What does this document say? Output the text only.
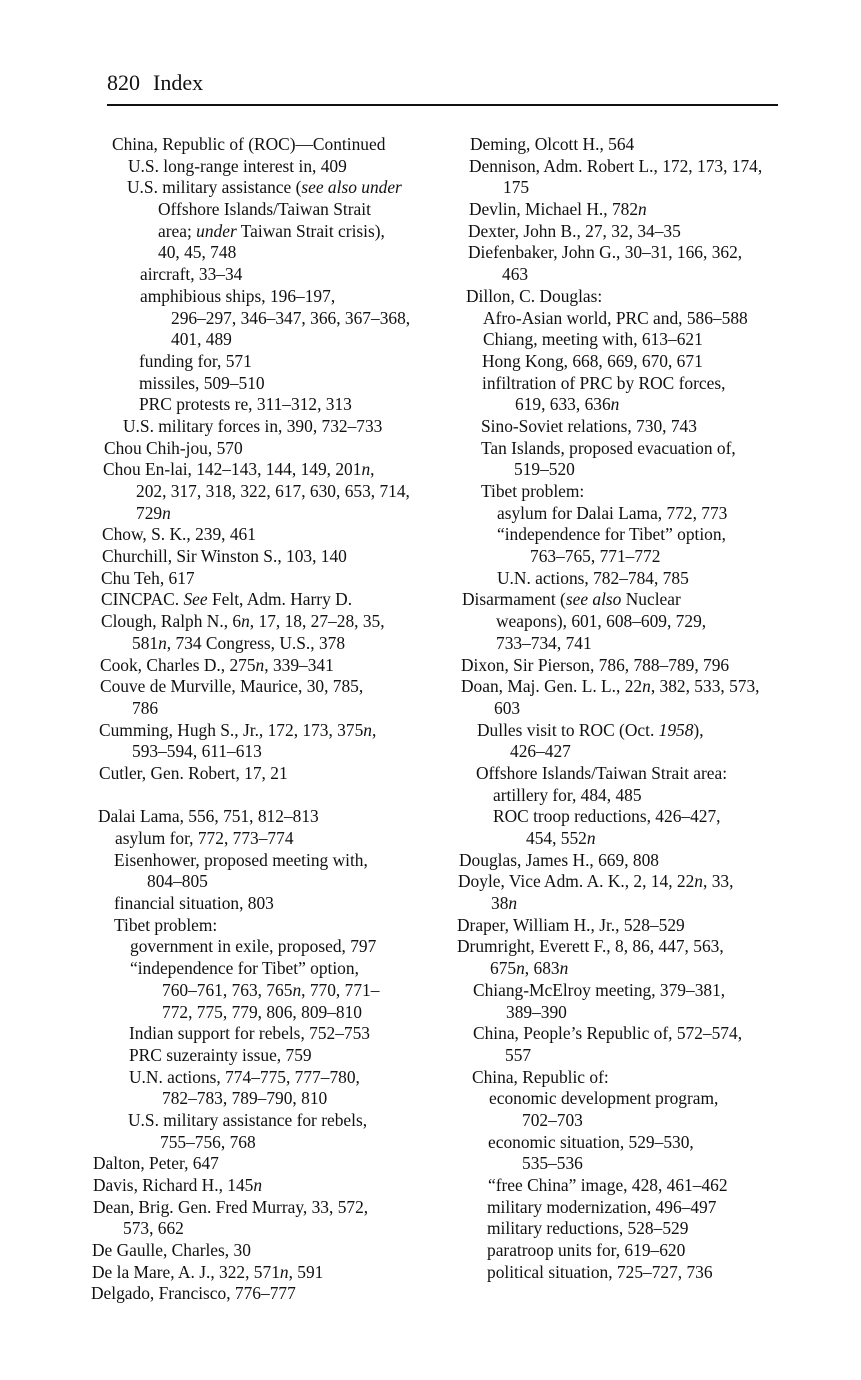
820 Index
China, Republic of (ROC)—Continued
U.S. long-range interest in, 409
U.S. military assistance (see also under
Offshore Islands/Taiwan Strait
area; under Taiwan Strait crisis),
40, 45, 748
aircraft, 33–34
amphibious ships, 196–197,
296–297, 346–347, 366, 367–368,
401, 489
funding for, 571
missiles, 509–510
PRC protests re, 311–312, 313
U.S. military forces in, 390, 732–733
Chou Chih-jou, 570
Chou En-lai, 142–143, 144, 149, 201n,
202, 317, 318, 322, 617, 630, 653, 714,
729n
Chow, S. K., 239, 461
Churchill, Sir Winston S., 103, 140
Chu Teh, 617
CINCPAC. See Felt, Adm. Harry D.
Clough, Ralph N., 6n, 17, 18, 27–28, 35,
581n, 734 Congress, U.S., 378
Cook, Charles D., 275n, 339–341
Couve de Murville, Maurice, 30, 785,
786
Cumming, Hugh S., Jr., 172, 173, 375n,
593–594, 611–613
Cutler, Gen. Robert, 17, 21
Dalai Lama, 556, 751, 812–813
asylum for, 772, 773–774
Eisenhower, proposed meeting with,
804–805
financial situation, 803
Tibet problem:
government in exile, proposed, 797
“independence for Tibet” option,
760–761, 763, 765n, 770, 771–
772, 775, 779, 806, 809–810
Indian support for rebels, 752–753
PRC suzerainty issue, 759
U.N. actions, 774–775, 777–780,
782–783, 789–790, 810
U.S. military assistance for rebels,
755–756, 768
Dalton, Peter, 647
Davis, Richard H., 145n
Dean, Brig. Gen. Fred Murray, 33, 572,
573, 662
De Gaulle, Charles, 30
De la Mare, A. J., 322, 571n, 591
Delgado, Francisco, 776–777
Deming, Olcott H., 564
Dennison, Adm. Robert L., 172, 173, 174,
175
Devlin, Michael H., 782n
Dexter, John B., 27, 32, 34–35
Diefenbaker, John G., 30–31, 166, 362,
463
Dillon, C. Douglas:
Afro-Asian world, PRC and, 586–588
Chiang, meeting with, 613–621
Hong Kong, 668, 669, 670, 671
infiltration of PRC by ROC forces,
619, 633, 636n
Sino-Soviet relations, 730, 743
Tan Islands, proposed evacuation of,
519–520
Tibet problem:
asylum for Dalai Lama, 772, 773
“independence for Tibet” option,
763–765, 771–772
U.N. actions, 782–784, 785
Disarmament (see also Nuclear
weapons), 601, 608–609, 729,
733–734, 741
Dixon, Sir Pierson, 786, 788–789, 796
Doan, Maj. Gen. L. L., 22n, 382, 533, 573,
603
Dulles visit to ROC (Oct. 1958),
426–427
Offshore Islands/Taiwan Strait area:
artillery for, 484, 485
ROC troop reductions, 426–427,
454, 552n
Douglas, James H., 669, 808
Doyle, Vice Adm. A. K., 2, 14, 22n, 33,
38n
Draper, William H., Jr., 528–529
Drumright, Everett F., 8, 86, 447, 563,
675n, 683n
Chiang-McElroy meeting, 379–381,
389–390
China, People’s Republic of, 572–574,
557
China, Republic of:
economic development program,
702–703
economic situation, 529–530,
535–536
“free China” image, 428, 461–462
military modernization, 496–497
military reductions, 528–529
paratroop units for, 619–620
political situation, 725–727, 736
